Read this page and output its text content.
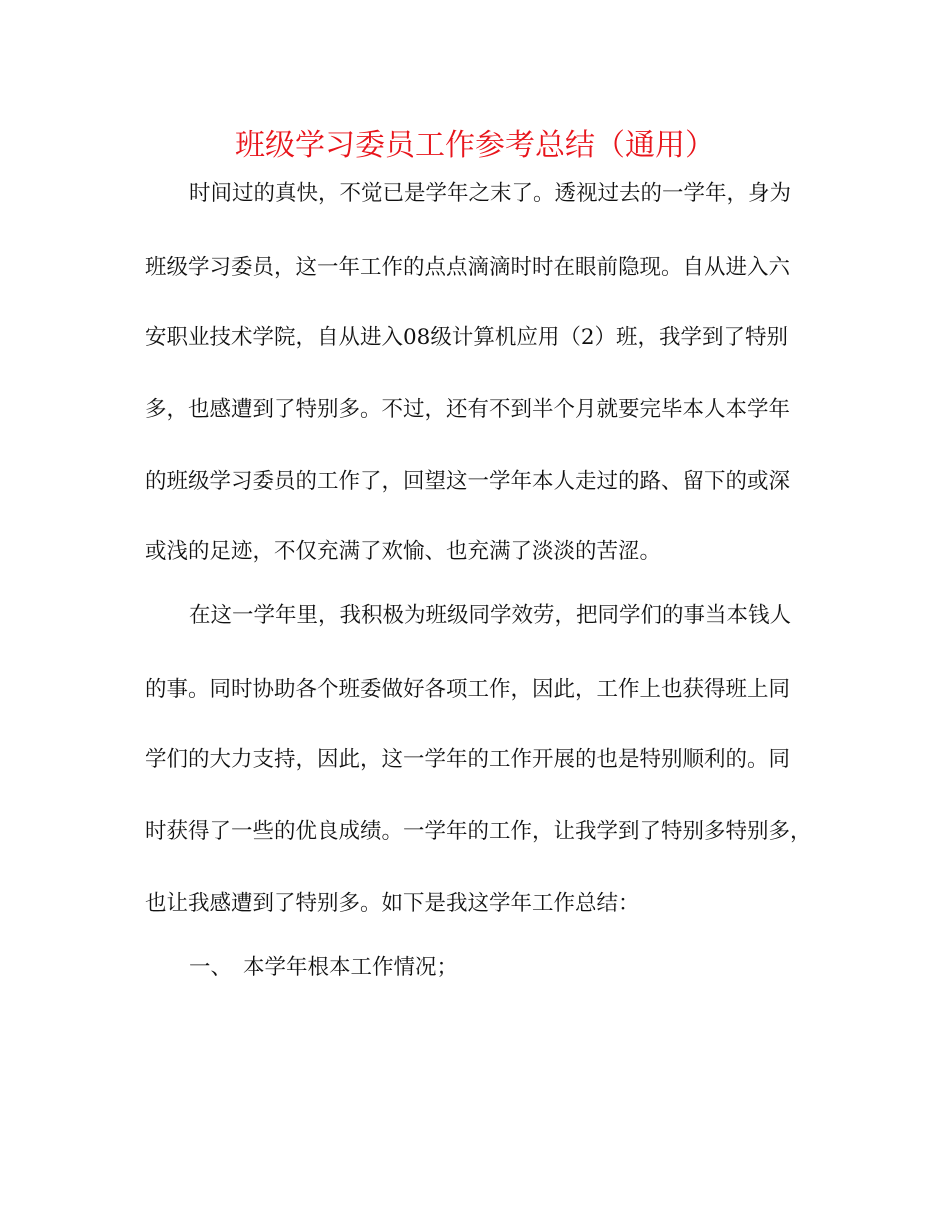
班级学习委员工作参考总结（通用）

时间过的真快，不觉已是学年之末了。透视过去的一学年，身为

班级学习委员，这一年工作的点点滴滴时时在眼前隐现。自从进入六

安职业技术学院，自从进入08级计算机应用（2）班，我学到了特别

多，也感遭到了特别多。不过，还有不到半个月就要完毕本人本学年

的班级学习委员的工作了，回望这一学年本人走过的路、留下的或深

或浅的足迹，不仅充满了欢愉、也充满了淡淡的苦涩。

在这一学年里，我积极为班级同学效劳，把同学们的事当本钱人

的事。同时协助各个班委做好各项工作，因此，工作上也获得班上同

学们的大力支持，因此，这一学年的工作开展的也是特别顺利的。同

时获得了一些的优良成绩。一学年的工作，让我学到了特别多特别多，

也让我感遭到了特别多。如下是我这学年工作总结：

一、 本学年根本工作情况；
